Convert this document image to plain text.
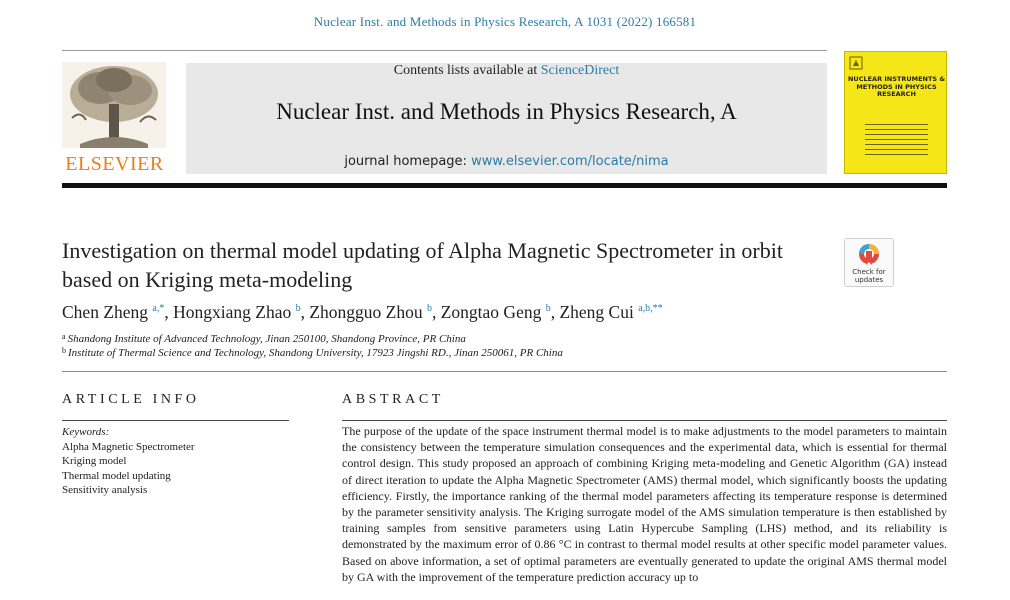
Nuclear Inst. and Methods in Physics Research, A 1031 (2022) 166581
ELSEVIER
Contents lists available at ScienceDirect
Nuclear Inst. and Methods in Physics Research, A
journal homepage: www.elsevier.com/locate/nima
NUCLEAR INSTRUMENTS & METHODS IN PHYSICS RESEARCH
Investigation on thermal model updating of Alpha Magnetic Spectrometer in orbit based on Kriging meta-modeling	Check for updates
Chen Zheng $^{a,*}$, Hongxiang Zhao $^b$, Zhongguo Zhou $^b$, Zongtao Geng $^b$, Zheng Cui $^{a,b,**}$
$^a$ Shandong Institute of Advanced Technology, Jinan 250100, Shandong Province, PR China
$^b$ Institute of Thermal Science and Technology, Shandong University, 17923 Jingshi RD., Jinan 250061, PR China
ARTICLE INFO
Keywords:
Alpha Magnetic Spectrometer
Kriging model
Thermal model updating
Sensitivity analysis
ABSTRACT
The purpose of the update of the space instrument thermal model is to make adjustments to the model parameters to maintain the consistency between the temperature simulation consequences and the experimental data, which is essential for thermal control design. This study proposed an approach of combining Kriging meta-modeling and Genetic Algorithm (GA) instead of direct iteration to update the Alpha Magnetic Spectrometer (AMS) thermal model, which significantly boosts the updating efficiency. Firstly, the importance ranking of the thermal model parameters affecting its temperature response is determined by the parameter sensitivity analysis. The Kriging surrogate model of the AMS simulation temperature is then established by training samples from sensitive parameters using Latin Hypercube Sampling (LHS) method, and its reliability is demonstrated by the maximum error of 0.86 °C in contrast to thermal model results at other specific model parameter values. Based on above information, a set of optimal parameters are eventually generated to update the original AMS thermal model by GA with the improvement of the temperature prediction accuracy up to
